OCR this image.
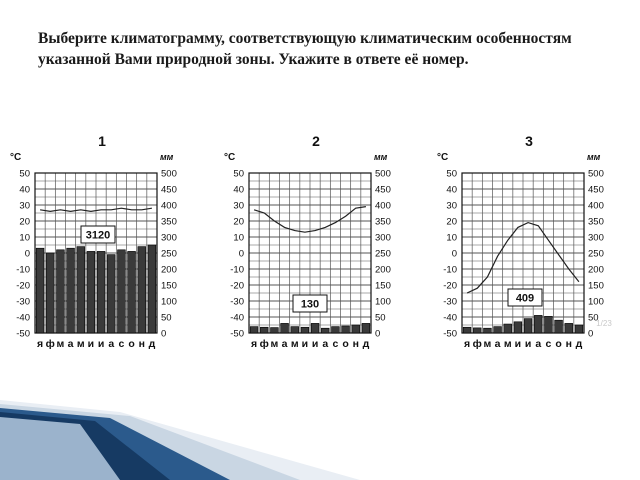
Выберите климатограмму, соответствующую климатическим особенностям указанной Вами природной зоны. Укажите в ответе её номер.
1
°C	мм
50
40
30
20
10
0
-10
-20
-30
-40
-50
500
450
400
350
300
250
200
150
100
50
0
я ф м а м и и а с о н д
3120
2
°C	мм
50
40
30
20
10
0
-10
-20
-30
-40
-50
500
450
400
350
300
250
200
150
100
50
0
я ф м а м и и а с о н д
130
3
°C	мм
50
40
30
20
10
0
-10
-20
-30
-40
-50
500
450
400
350
300
250
200
150
100
50
0
я ф м а м и и а с о н д
409
1/23
